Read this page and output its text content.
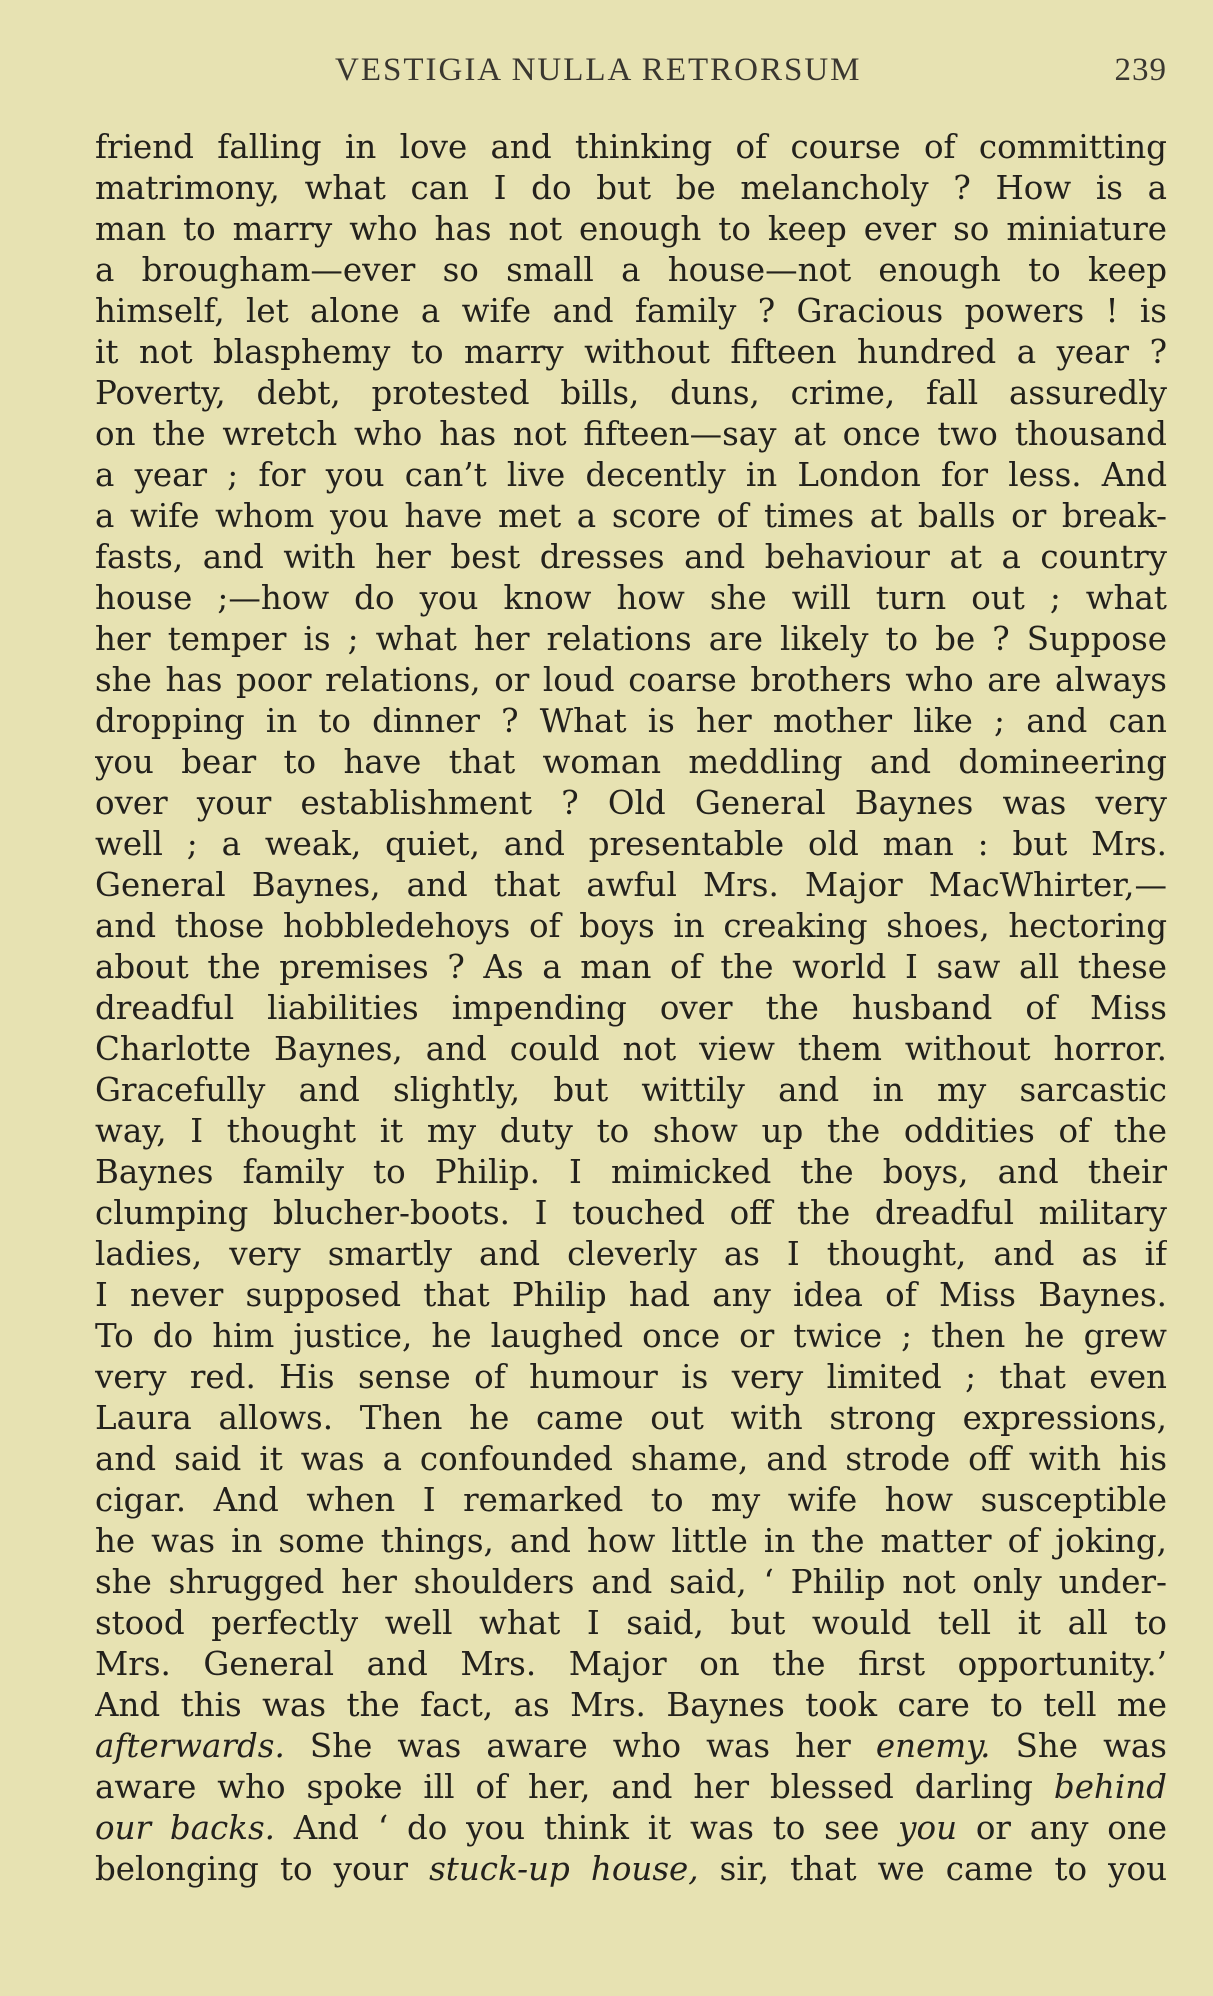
VESTIGIA NULLA RETRORSUM	239
friend falling in love and thinking of course of committing
matrimony, what can I do but be melancholy ? How is a
man to marry who has not enough to keep ever so miniature
a brougham—ever so small a house—not enough to keep
himself, let alone a wife and family ? Gracious powers ! is
it not blasphemy to marry without fifteen hundred a year ?
Poverty, debt, protested bills, duns, crime, fall assuredly
on the wretch who has not fifteen—say at once two thousand
a year ; for you can’t live decently in London for less. And
a wife whom you have met a score of times at balls or break-
fasts, and with her best dresses and behaviour at a country
house ;—how do you know how she will turn out ; what
her temper is ; what her relations are likely to be ? Suppose
she has poor relations, or loud coarse brothers who are always
dropping in to dinner ? What is her mother like ; and can
you bear to have that woman meddling and domineering
over your establishment ? Old General Baynes was very
well ; a weak, quiet, and presentable old man : but Mrs.
General Baynes, and that awful Mrs. Major MacWhirter,—
and those hobbledehoys of boys in creaking shoes, hectoring
about the premises ? As a man of the world I saw all these
dreadful liabilities impending over the husband of Miss
Charlotte Baynes, and could not view them without horror.
Gracefully and slightly, but wittily and in my sarcastic
way, I thought it my duty to show up the oddities of the
Baynes family to Philip. I mimicked the boys, and their
clumping blucher-boots. I touched off the dreadful military
ladies, very smartly and cleverly as I thought, and as if
I never supposed that Philip had any idea of Miss Baynes.
To do him justice, he laughed once or twice ; then he grew
very red. His sense of humour is very limited ; that even
Laura allows. Then he came out with strong expressions,
and said it was a confounded shame, and strode off with his
cigar. And when I remarked to my wife how susceptible
he was in some things, and how little in the matter of joking,
she shrugged her shoulders and said, ‘ Philip not only under-
stood perfectly well what I said, but would tell it all to
Mrs. General and Mrs. Major on the first opportunity.’
And this was the fact, as Mrs. Baynes took care to tell me
afterwards. She was aware who was her enemy. She was
aware who spoke ill of her, and her blessed darling behind
our backs. And ‘ do you think it was to see you or any one
belonging to your stuck-up house, sir, that we came to you
